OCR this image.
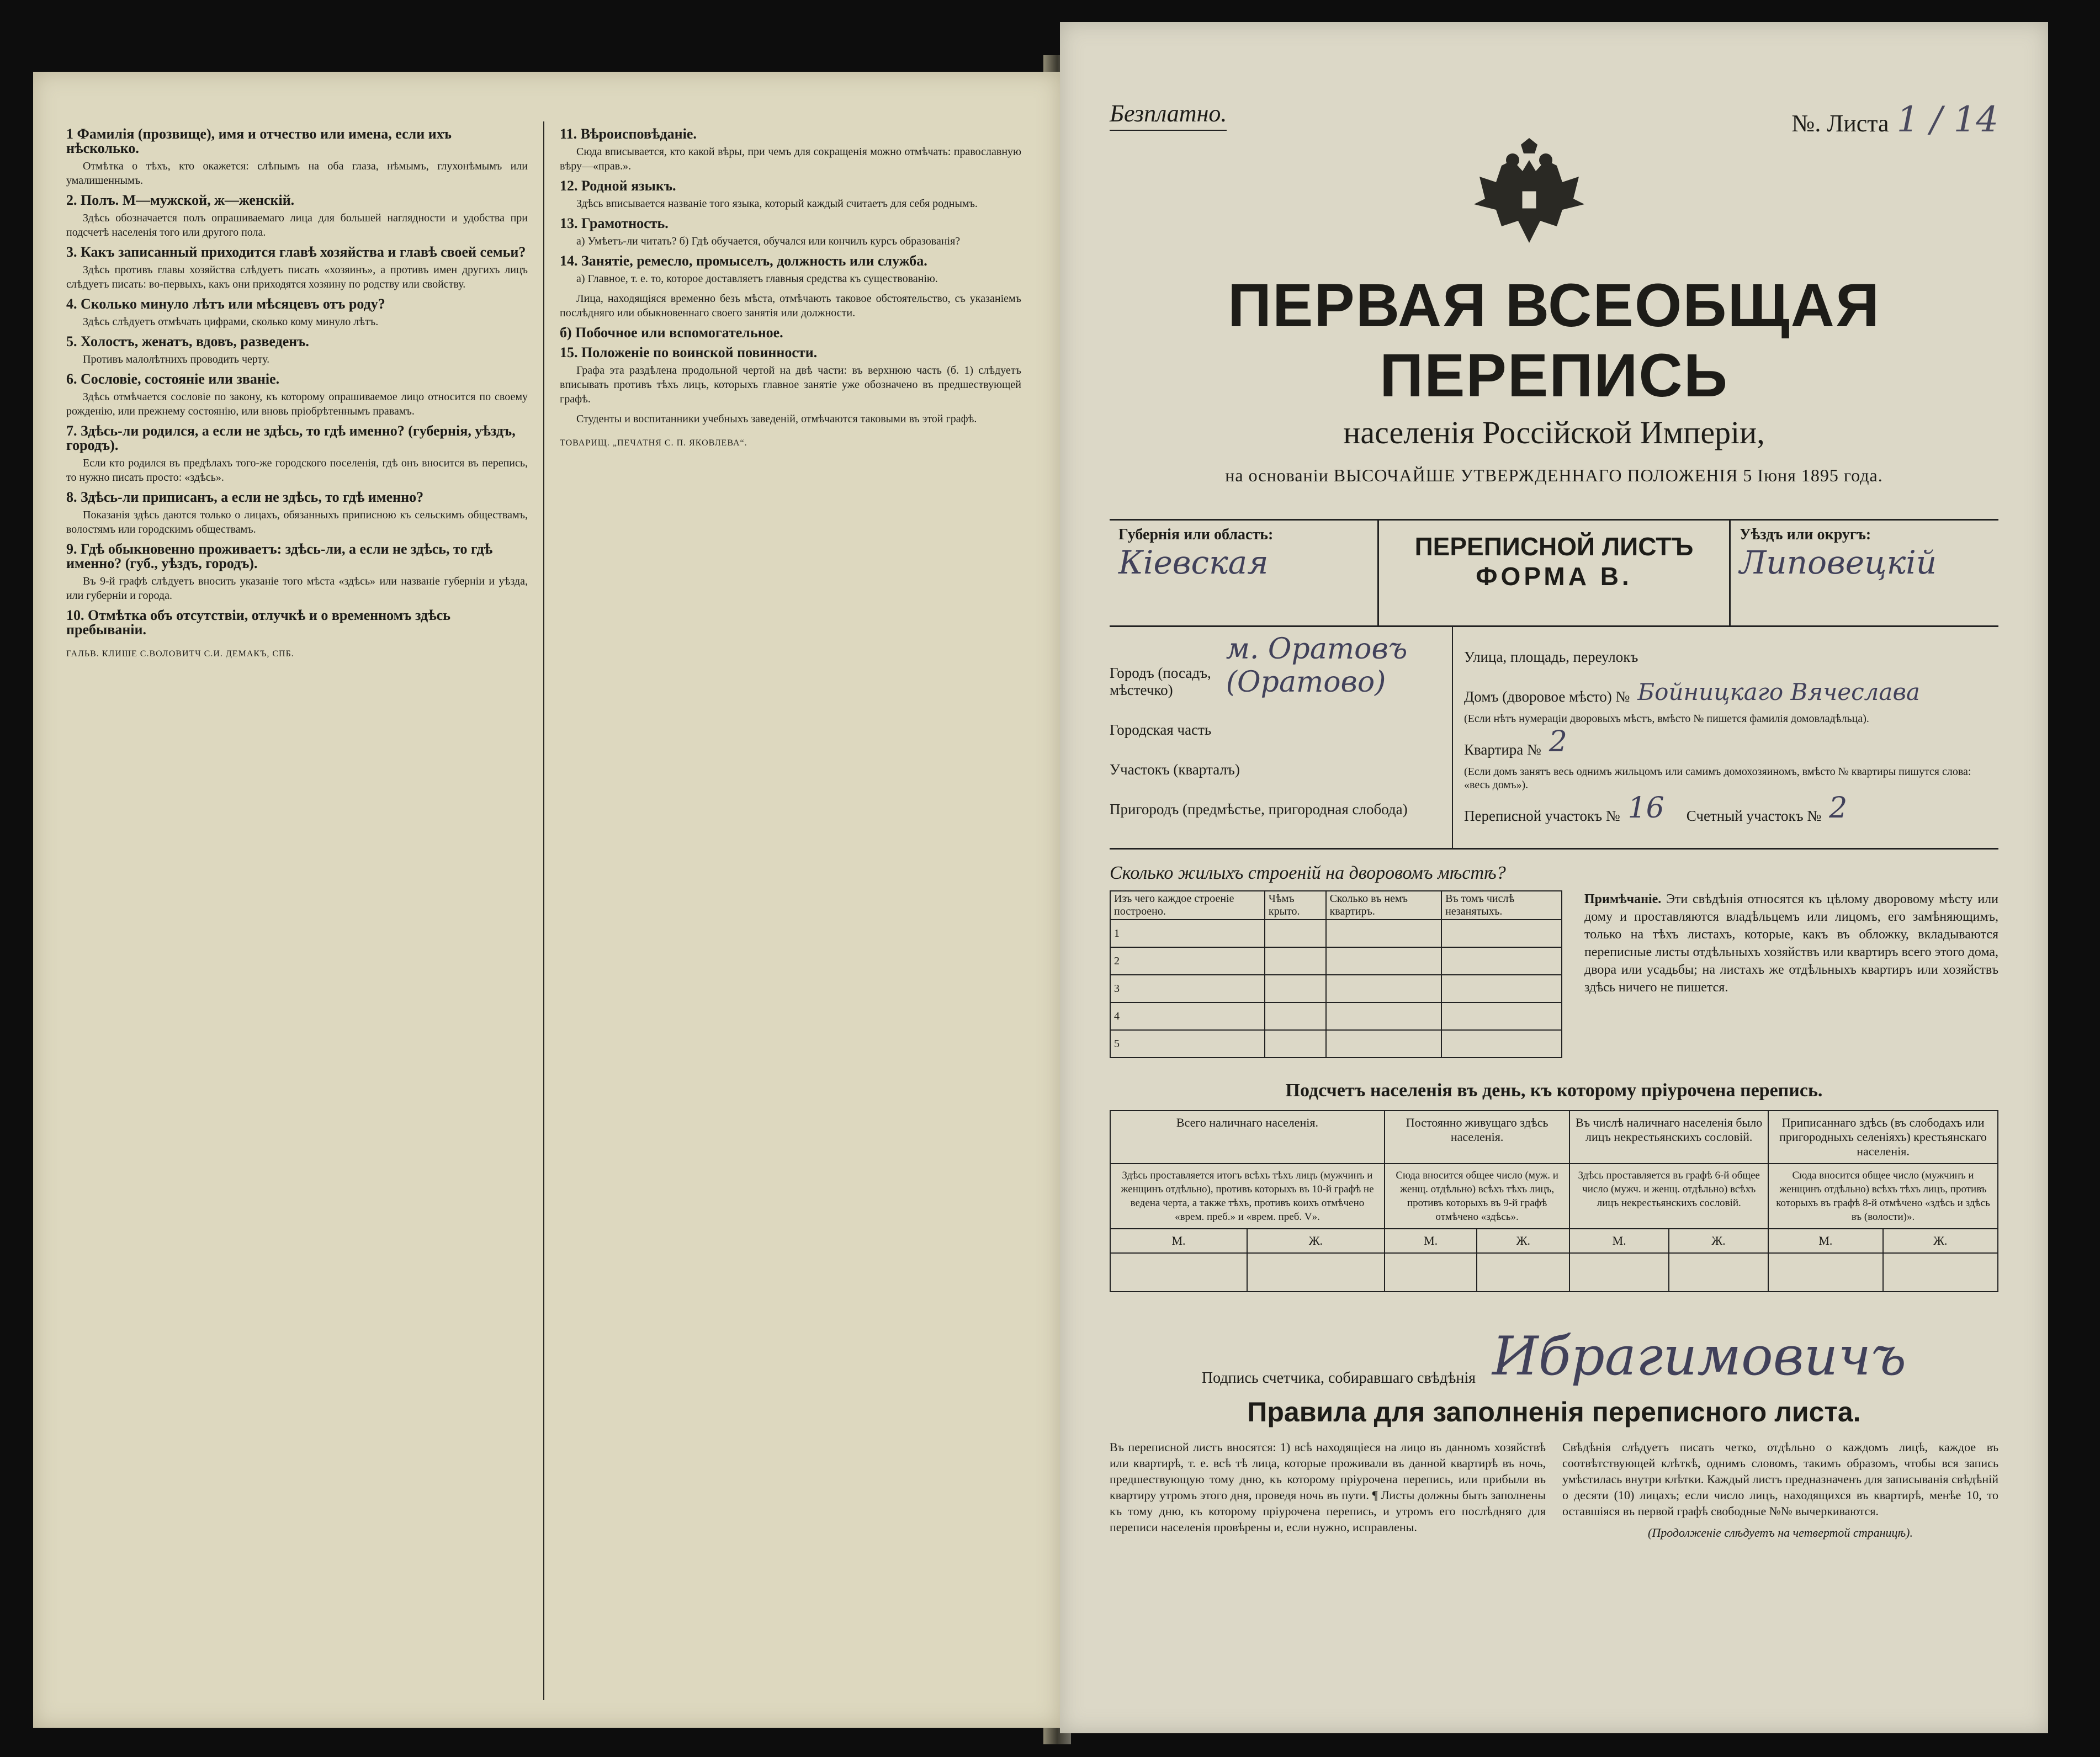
1 Фамилія (прозвище), имя и отчество или имена, если ихъ нѣсколько.

Отмѣтка о тѣхъ, кто окажется: слѣпымъ на оба глаза, нѣмымъ, глухонѣмымъ или умалишеннымъ.

2. Полъ. М—мужской, ж—женскій.

Здѣсь обозначается полъ опрашиваемаго лица для большей наглядности и удобства при подсчетѣ населенія того или другого пола.

3. Какъ записанный приходится главѣ хозяйства и главѣ своей семьи?

Здѣсь противъ главы хозяйства слѣдуетъ писать «хозяинъ», а противъ имен другихъ лицъ слѣдуетъ писать: во-первыхъ, какъ они приходятся хозяину по родству или свойству.

4. Сколько минуло лѣтъ или мѣсяцевъ отъ роду?

Здѣсь слѣдуетъ отмѣчать цифрами, сколько кому минуло лѣтъ.

5. Холостъ, женатъ, вдовъ, разведенъ.

Противъ малолѣтнихъ проводить черту.

6. Сословіе, состояніе или званіе.

Здѣсь отмѣчается сословіе по закону, къ которому опрашиваемое лицо относится по своему рожденію, или прежнему состоянію, или вновь пріобрѣтеннымъ правамъ.

7. Здѣсь-ли родился, а если не здѣсь, то гдѣ именно? (губернія, уѣздъ, городъ).

Если кто родился въ предѣлахъ того-же городского поселенія, гдѣ онъ вносится въ перепись, то нужно писать просто: «здѣсь».

8. Здѣсь-ли приписанъ, а если не здѣсь, то гдѣ именно?

Показанія здѣсь даются только о лицахъ, обязанныхъ приписною къ сельскимъ обществамъ, волостямъ или городскимъ обществамъ.

9. Гдѣ обыкновенно проживаетъ: здѣсь-ли, а если не здѣсь, то гдѣ именно? (губ., уѣздъ, городъ).

Въ 9-й графѣ слѣдуетъ вносить указаніе того мѣста «здѣсь» или названіе губерніи и уѣзда, или губерніи и города.

10. Отмѣтка объ отсутствіи, отлучкѣ и о временномъ здѣсь пребываніи.

ГАЛЬВ. КЛИШЕ С.ВОЛОВИТЧ С.И. ДЕМАКЪ, СПБ.
11. Вѣроисповѣданіе.

Сюда вписывается, кто какой вѣры, при чемъ для сокращенія можно отмѣчать: православную вѣру—«прав.».

12. Родной языкъ.

Здѣсь вписывается названіе того языка, который каждый считаетъ для себя роднымъ.

13. Грамотность.

а) Умѣетъ-ли читать? б) Гдѣ обучается, обучался или кончилъ курсъ образованія?

14. Занятіе, ремесло, промыселъ, должность или служба.

а) Главное, т. е. то, которое доставляетъ главныя средства къ существованію.

Лица, находящіяся временно безъ мѣста, отмѣчають таковое обстоятельство, съ указаніемъ послѣдняго или обыкновеннаго своего занятія или должности.

б) Побочное или вспомогательное.

15. Положеніе по воинской повинности.

Графа эта раздѣлена продольной чертой на двѣ части: въ верхнюю часть (б. 1) слѣдуетъ вписывать противъ тѣхъ лицъ, которыхъ главное занятіе уже обозначено въ предшествующей графѣ.

Студенты и воспитанники учебныхъ заведеній, отмѣчаются таковыми въ этой графѣ.

ТОВАРИЩ. „ПЕЧАТНЯ С. П. ЯКОВЛЕВА“.
Безплатно.	№. Листа 1 / 14
ПЕРВАЯ ВСЕОБЩАЯ ПЕРЕПИСЬ
населенія Россійской Имперіи,
на основаніи ВЫСОЧАЙШЕ УТВЕРЖДЕННАГО ПОЛОЖЕНІЯ 5 Іюня 1895 года.
Губернія или область:
Кіевская	ПЕРЕПИСНОЙ ЛИСТЪ
ФОРМА В.
Уѣздъ или округъ:
Липовецкій
Городъ (посадъ, мѣстечко)
м. Оратовъ (Оратово)
Городская часть
Участокъ (кварталъ)
Пригородъ (предмѣстье, пригородная слобода)
Улица, площадь, переулокъ
Домъ (дворовое мѣсто) № Бойницкаго Вячеслава
(Если нѣтъ нумераціи дворовыхъ мѣстъ, вмѣсто № пишется фамилія домовладѣльца).
Квартира № 2
(Если домъ занятъ весь однимъ жильцомъ или самимъ домохозяиномъ, вмѣсто № квартиры пишутся слова: «весь домъ»).
Переписной участокъ № 16 Счетный участокъ № 2
Сколько жилыхъ строеній на дворовомъ мѣстѣ?
Изъ чего каждое строеніе построено.	Чѣмъ крыто.	Сколько въ немъ квартиръ.	Въ томъ числѣ незанятыхъ.
1			
2			
3			
4			
5			
Примѣчаніе. Эти свѣдѣнія относятся къ цѣлому дворовому мѣсту или дому и проставляются владѣльцемъ или лицомъ, его замѣняющимъ, только на тѣхъ листахъ, которые, какъ въ обложку, вкладываются переписные листы отдѣльныхъ хозяйствъ или квартиръ всего этого дома, двора или усадьбы; на листахъ же отдѣльныхъ квартиръ или хозяйствъ здѣсь ничего не пишется.
Подсчетъ населенія въ день, къ которому пріурочена перепись.
Всего наличнаго населенія.		Постоянно живущаго здѣсь населенія.		Въ числѣ наличнаго населенія было лицъ некрестьянскихъ сословій.		Приписаннаго здѣсь (въ слободахъ или пригородныхъ селеніяхъ) крестьянскаго населенія.	
Здѣсь проставляется итогъ всѣхъ тѣхъ лицъ (мужчинъ и женщинъ отдѣльно), противъ которыхъ въ 10-й графѣ не ведена черта, а также тѣхъ, противъ коихъ отмѣчено «врем. преб.» и «врем. преб. V».		Сюда вносится общее число (муж. и женщ. отдѣльно) всѣхъ тѣхъ лицъ, противъ которыхъ въ 9-й графѣ отмѣчено «здѣсь».		Здѣсь проставляется въ графѣ 6-й общее число (мужч. и женщ. отдѣльно) всѣхъ лицъ некрестьянскихъ сословій.		Сюда вносится общее число (мужчинъ и женщинъ отдѣльно) всѣхъ тѣхъ лицъ, противъ которыхъ въ графѣ 8-й отмѣчено «здѣсь и здѣсь въ (волости)».	
М.	Ж.	М.	Ж.	М.	Ж.	М.	Ж.

Подпись счетчика, собиравшаго свѣдѣнія Ибрагимовичъ
Правила для заполненія переписного листа.
Въ переписной листъ вносятся: 1) всѣ находящіеся на лицо въ данномъ хозяйствѣ или квартирѣ, т. е. всѣ тѣ лица, которые проживали въ данной квартирѣ въ ночь, предшествующую тому дню, къ которому пріурочена перепись, или прибыли въ квартиру утромъ этого дня, проведя ночь въ пути. ¶ Листы должны быть заполнены къ тому дню, къ которому пріурочена перепись, и утромъ его послѣдняго для переписи населенія провѣрены и, если нужно, исправлены.
Свѣдѣнія слѣдуетъ писать четко, отдѣльно о каждомъ лицѣ, каждое въ соотвѣтствующей клѣткѣ, однимъ словомъ, такимъ образомъ, чтобы вся запись умѣстилась внутри клѣтки. Каждый листъ предназначенъ для записыванія свѣдѣній о десяти (10) лицахъ; если число лицъ, находящихся въ квартирѣ, менѣе 10, то оставшіяся въ первой графѣ свободные №№ вычеркиваются.
(Продолженіе слѣдуетъ на четвертой страницѣ).
